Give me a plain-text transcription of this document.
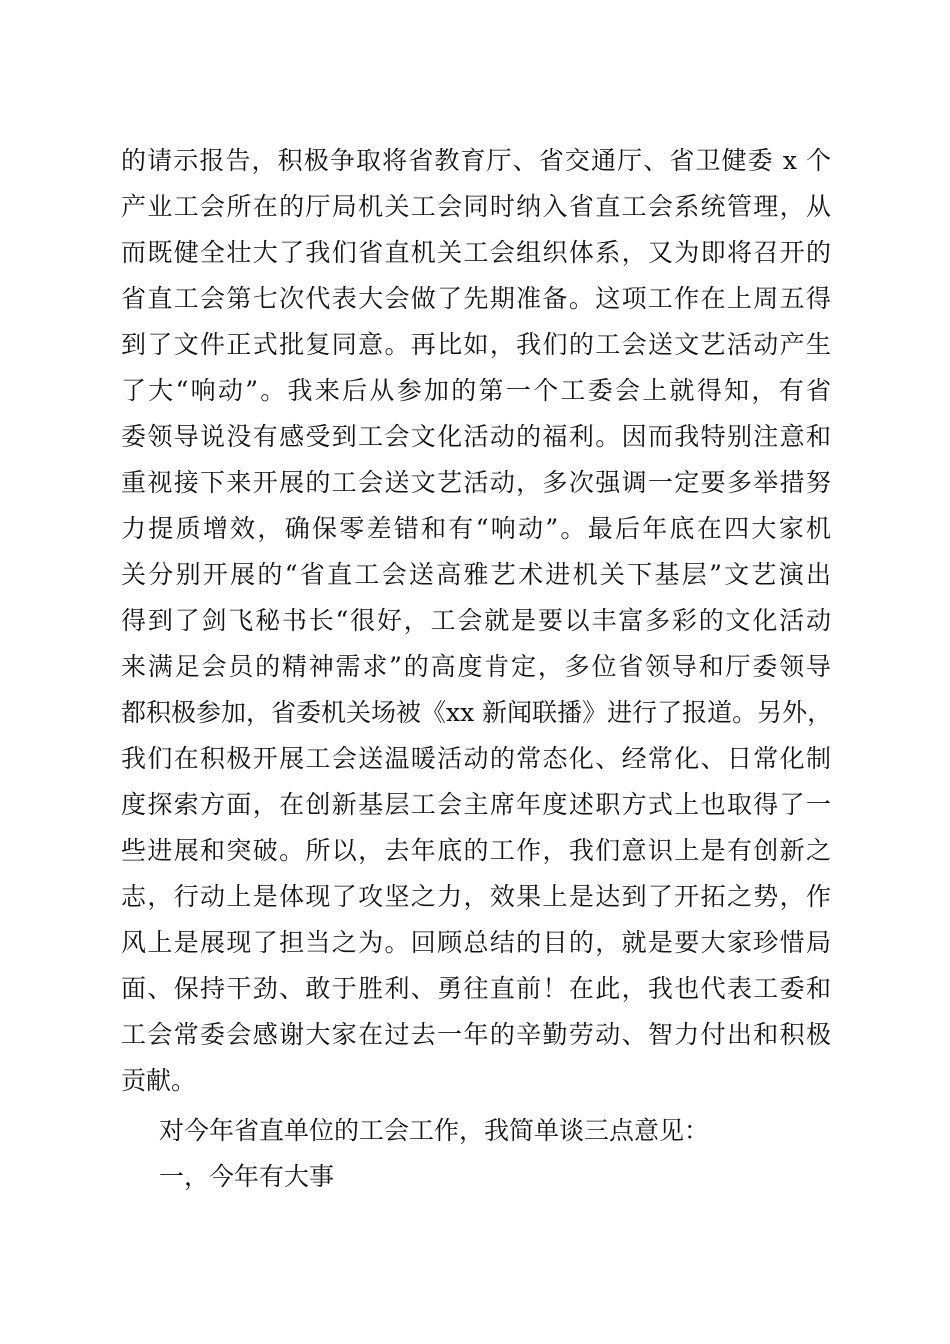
的请示报告，积极争取将省教育厅、省交通厅、省卫健委 x 个
产业工会所在的厅局机关工会同时纳入省直工会系统管理，从
而既健全壮大了我们省直机关工会组织体系，又为即将召开的
省直工会第七次代表大会做了先期准备。这项工作在上周五得
到了文件正式批复同意。再比如，我们的工会送文艺活动产生
了大“响动”。我来后从参加的第一个工委会上就得知，有省
委领导说没有感受到工会文化活动的福利。因而我特别注意和
重视接下来开展的工会送文艺活动，多次强调一定要多举措努
力提质增效，确保零差错和有“响动”。最后年底在四大家机
关分别开展的“省直工会送高雅艺术进机关下基层”文艺演出
得到了剑飞秘书长“很好，工会就是要以丰富多彩的文化活动
来满足会员的精神需求”的高度肯定，多位省领导和厅委领导
都积极参加，省委机关场被《xx 新闻联播》进行了报道。另外，
我们在积极开展工会送温暖活动的常态化、经常化、日常化制
度探索方面，在创新基层工会主席年度述职方式上也取得了一
些进展和突破。所以，去年底的工作，我们意识上是有创新之
志，行动上是体现了攻坚之力，效果上是达到了开拓之势，作
风上是展现了担当之为。回顾总结的目的，就是要大家珍惜局
面、保持干劲、敢于胜利、勇往直前！在此，我也代表工委和
工会常委会感谢大家在过去一年的辛勤劳动、智力付出和积极
贡献。
对今年省直单位的工会工作，我简单谈三点意见：
一，今年有大事
